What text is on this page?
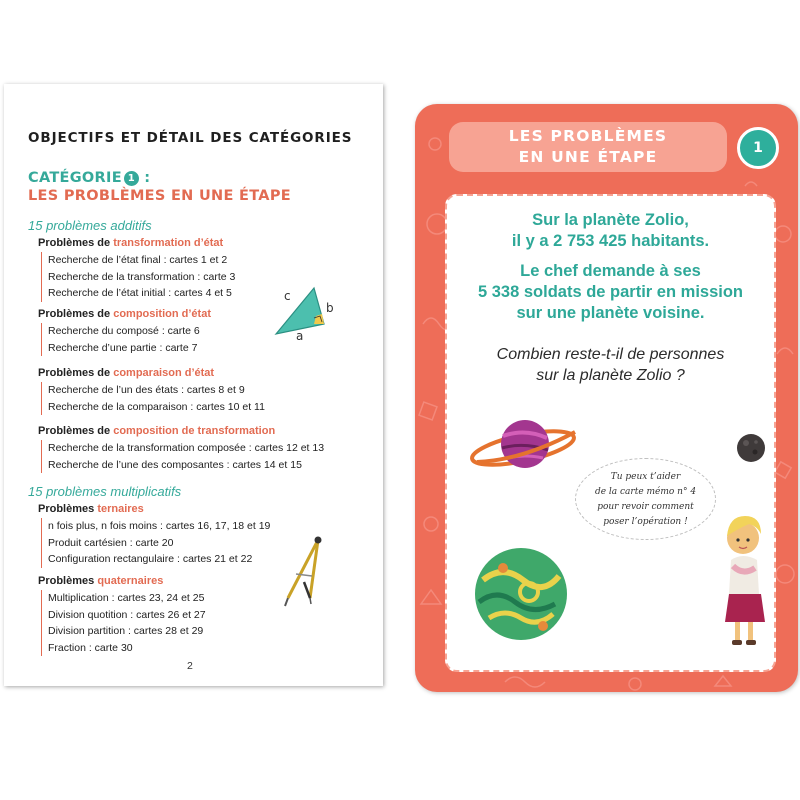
OBJECTIFS ET DÉTAIL DES CATÉGORIES
CATÉGORIE 1 :
LES PROBLÈMES EN UNE ÉTAPE
15 problèmes additifs
Problèmes de transformation d’état
Recherche de l’état final : cartes 1 et 2
Recherche de la transformation : carte 3
Recherche de l’état initial : cartes 4 et 5
Problèmes de composition d’état
Recherche du composé : carte 6
Recherche d’une partie : carte 7
Problèmes de comparaison d’état
Recherche de l’un des états : cartes 8 et 9
Recherche de la comparaison : cartes 10 et 11
Problèmes de composition de transformation
Recherche de la transformation composée : cartes 12 et 13
Recherche de l’une des composantes : cartes 14 et 15
15 problèmes multiplicatifs
Problèmes ternaires
n fois plus, n fois moins : cartes 16, 17, 18 et 19
Produit cartésien : carte 20
Configuration rectangulaire : cartes 21 et 22
Problèmes quaternaires
Multiplication : cartes 23, 24 et 25
Division quotition : cartes 26 et 27
Division partition : cartes 28 et 29
Fraction : carte 30
c
b
a
2
LES PROBLÈMES
EN UNE ÉTAPE	1
Sur la planète Zolio,
il y a 2 753 425 habitants.
Le chef demande à ses
5 338 soldats de partir en mission
sur une planète voisine.
Combien reste-t-il de personnes
sur la planète Zolio ?
Tu peux t’aider
de la carte mémo n° 4
pour revoir comment
poser l’opération !
